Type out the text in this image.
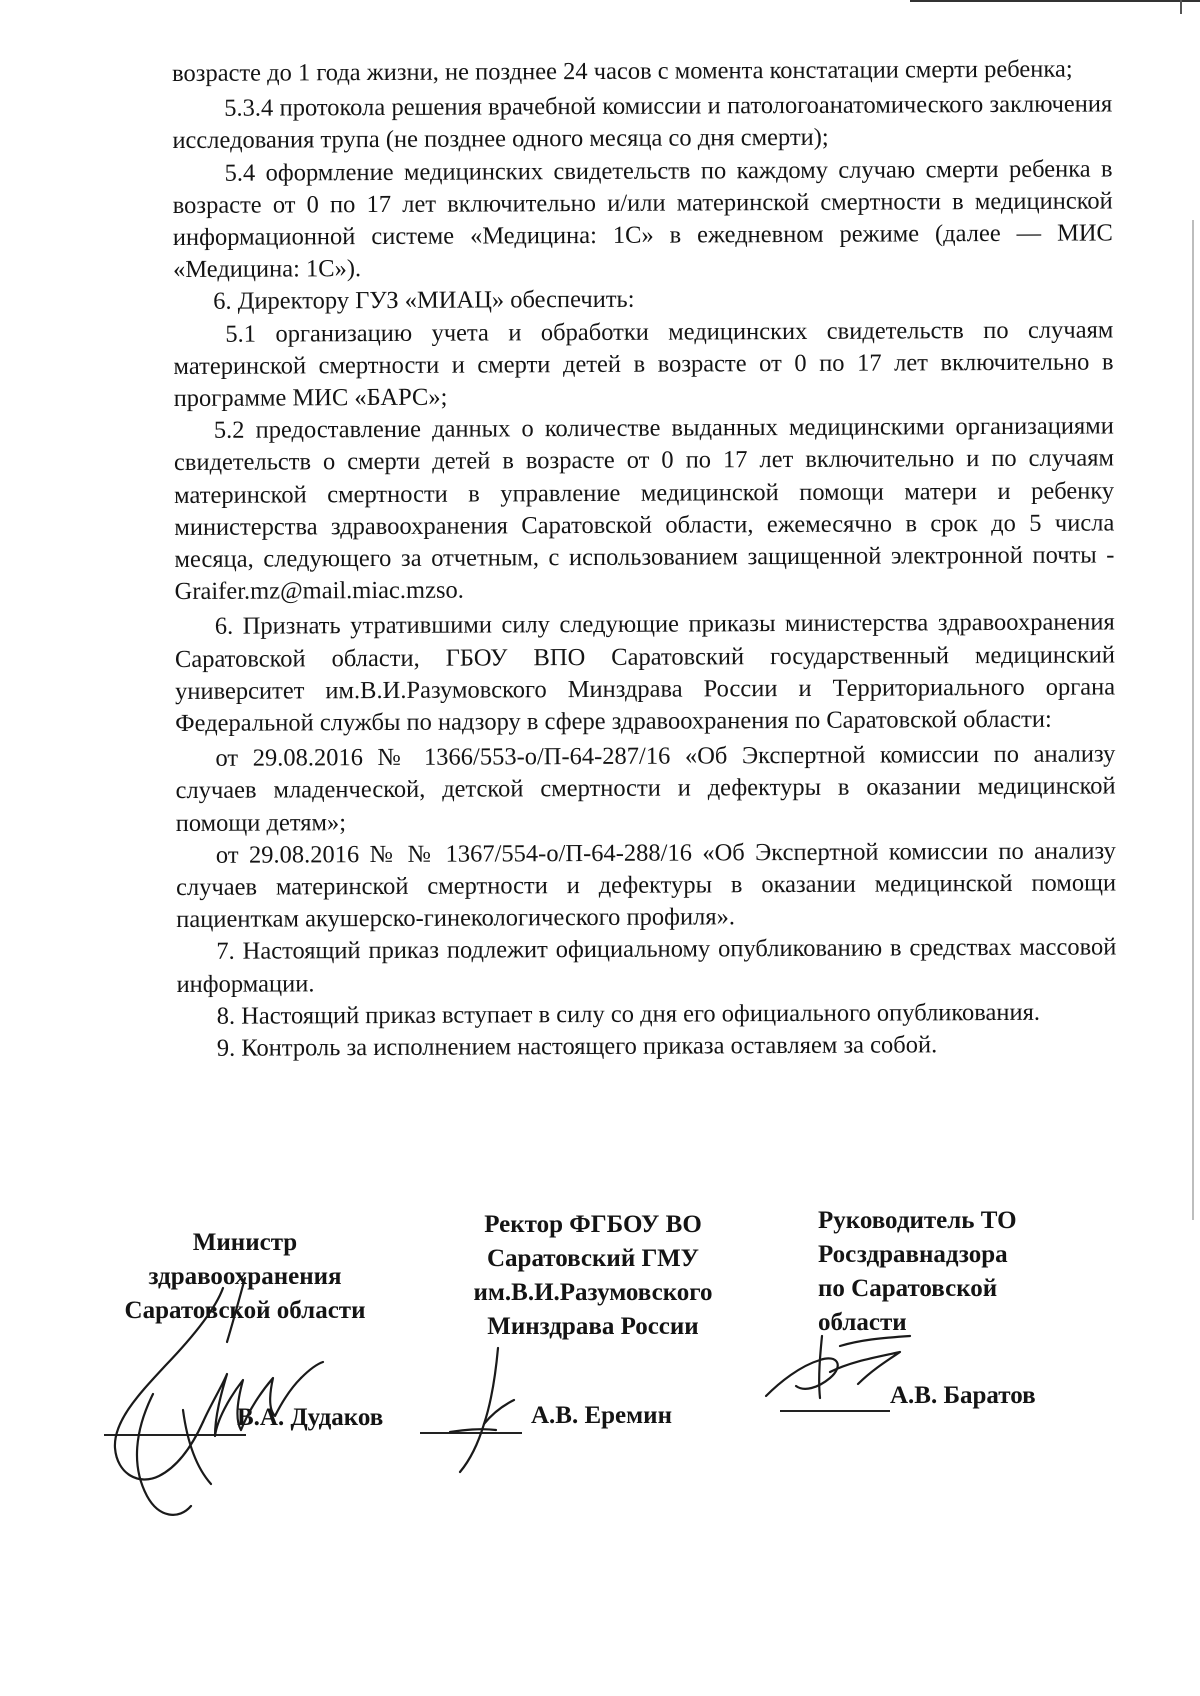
возрасте до 1 года жизни, не позднее 24 часов с момента констатации смерти ребенка;

5.3.4 протокола решения врачебной комиссии и патологоанатомического заключения исследования трупа (не позднее одного месяца со дня смерти);

5.4 оформление медицинских свидетельств по каждому случаю смерти ребенка в возрасте от 0 по 17 лет включительно и/или материнской смертности в медицинской информационной системе «Медицина: 1С» в ежедневном режиме (далее — МИС «Медицина: 1С»).

6. Директору ГУЗ «МИАЦ» обеспечить:

5.1 организацию учета и обработки медицинских свидетельств по случаям материнской смертности и смерти детей в возрасте от 0 по 17 лет включительно в программе МИС «БАРС»;

5.2 предоставление данных о количестве выданных медицинскими организациями свидетельств о смерти детей в возрасте от 0 по 17 лет включительно и по случаям материнской смертности в управление медицинской помощи матери и ребенку министерства здравоохранения Саратовской области, ежемесячно в срок до 5 числа месяца, следующего за отчетным, с использованием защищенной электронной почты - Graifer.mz@mail.miac.mzso.

6. Признать утратившими силу следующие приказы министерства здравоохранения Саратовской области, ГБОУ ВПО Саратовский государственный медицинский университет им.В.И.Разумовского Минздрава России и Территориального органа Федеральной службы по надзору в сфере здравоохранения по Саратовской области:

от 29.08.2016 № 1366/553-о/П-64-287/16 «Об Экспертной комиссии по анализу случаев младенческой, детской смертности и дефектуры в оказании медицинской помощи детям»;

от 29.08.2016 № № 1367/554-о/П-64-288/16 «Об Экспертной комиссии по анализу случаев материнской смертности и дефектуры в оказании медицинской помощи пациенткам акушерско-гинекологического профиля».

7. Настоящий приказ подлежит официальному опубликованию в средствах массовой информации.

8. Настоящий приказ вступает в силу со дня его официального опубликования.

9. Контроль за исполнением настоящего приказа оставляем за собой.

Министр
здравоохранения
Саратовской области
В.А. Дудаков
Ректор ФГБОУ ВО
Саратовский ГМУ
им.В.И.Разумовского
Минздрава России
А.В. Еремин
Руководитель ТО
Росздравнадзора
по Саратовской
области
А.В. Баратов
